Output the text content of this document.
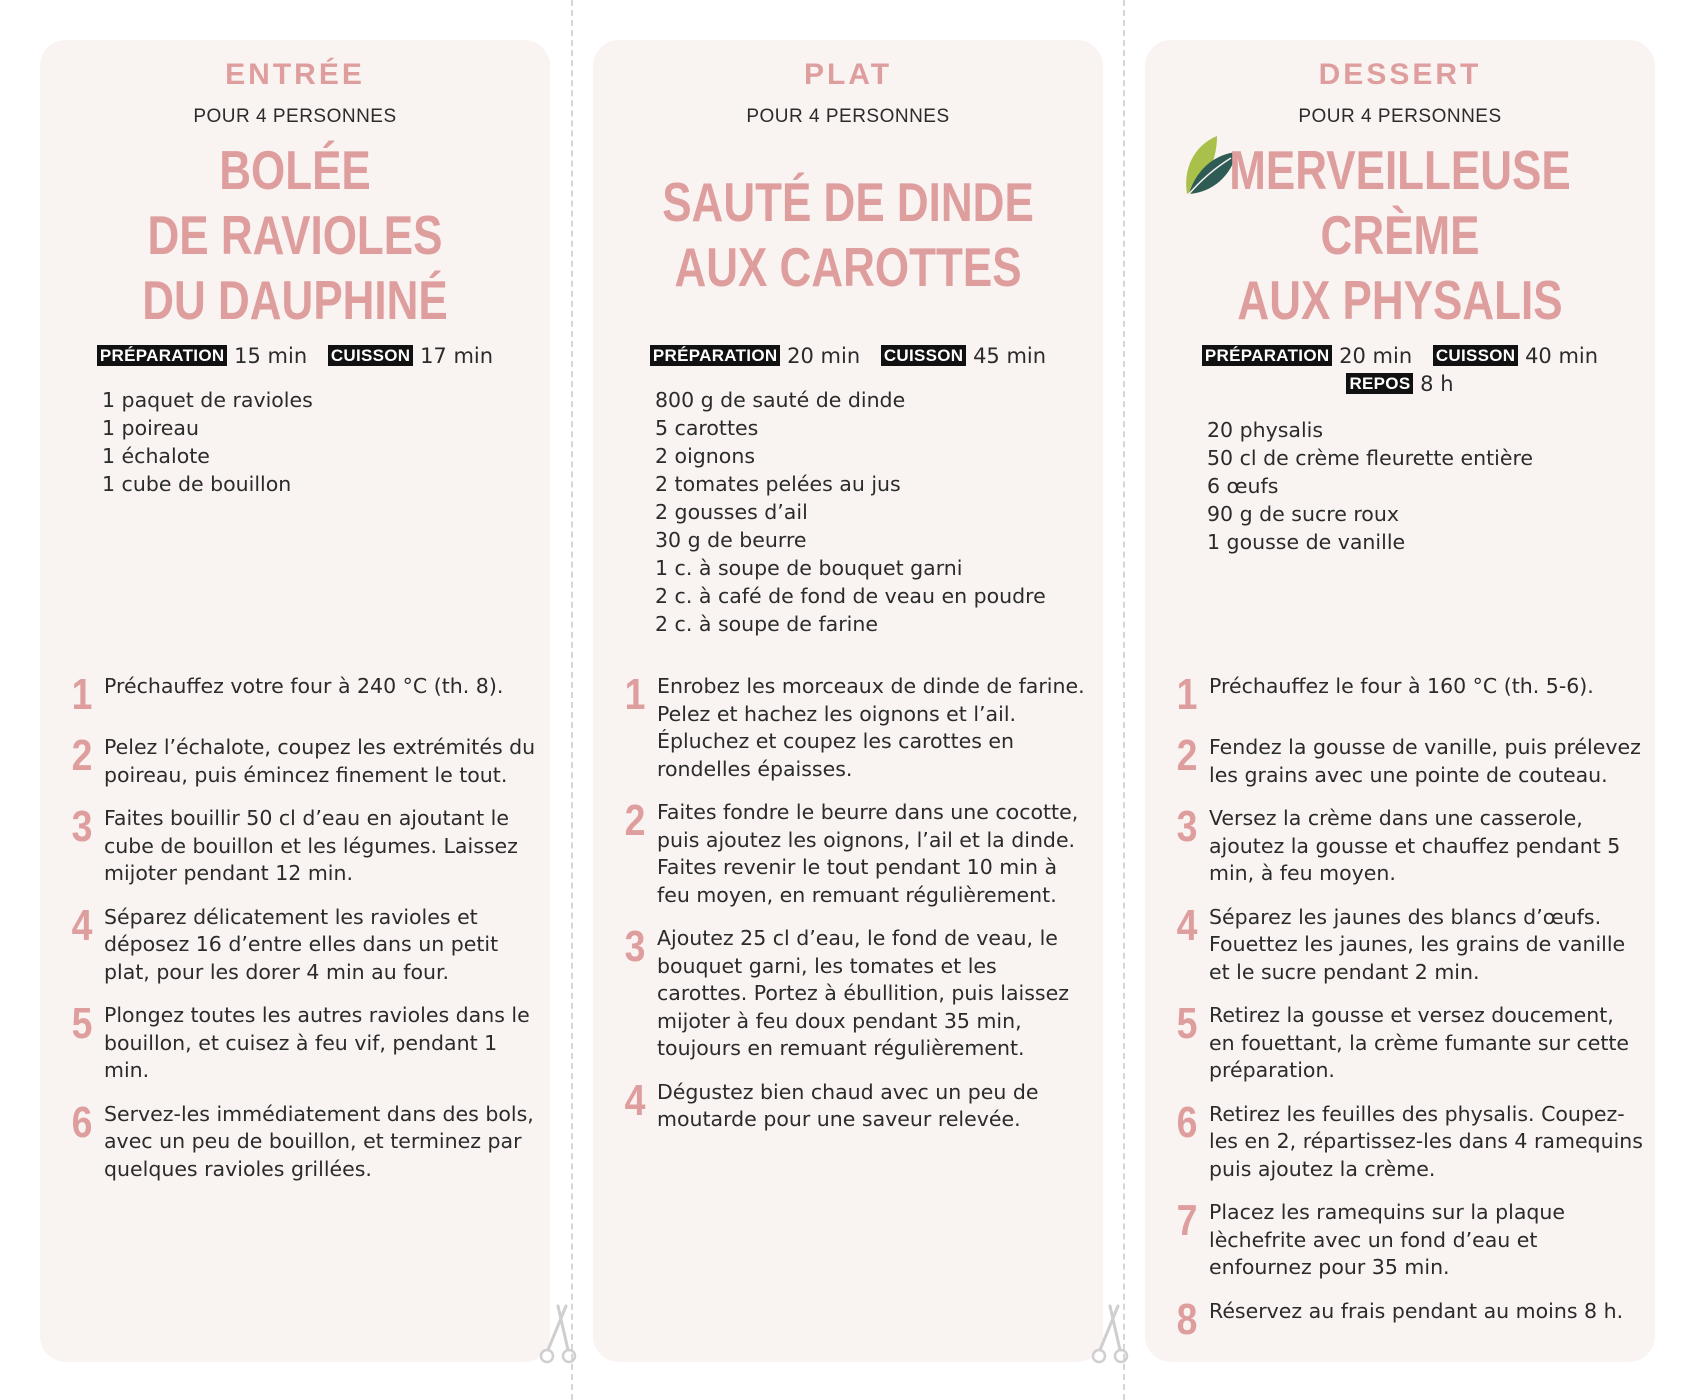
ENTRÉE
POUR 4 PERSONNES
BOLÉE
DE RAVIOLES
DU DAUPHINÉ
PRÉPARATION 15 min CUISSON 17 min
1 paquet de ravioles
1 poireau
1 échalote
1 cube de bouillon
1 Préchauffez votre four à 240 °C (th. 8).
2 Pelez l’échalote, coupez les extrémités du poireau, puis émincez finement le tout.
3 Faites bouillir 50 cl d’eau en ajoutant le cube de bouillon et les légumes. Laissez mijoter pendant 12 min.
4 Séparez délicatement les ravioles et déposez 16 d’entre elles dans un petit plat, pour les dorer 4 min au four.
5 Plongez toutes les autres ravioles dans le bouillon, et cuisez à feu vif, pendant 1 min.
6 Servez-les immédiatement dans des bols, avec un peu de bouillon, et terminez par quelques ravioles grillées.
PLAT
POUR 4 PERSONNES
SAUTÉ DE DINDE
AUX CAROTTES
PRÉPARATION 20 min CUISSON 45 min
800 g de sauté de dinde
5 carottes
2 oignons
2 tomates pelées au jus
2 gousses d’ail
30 g de beurre
1 c. à soupe de bouquet garni
2 c. à café de fond de veau en poudre
2 c. à soupe de farine
1 Enrobez les morceaux de dinde de farine. Pelez et hachez les oignons et l’ail. Épluchez et coupez les carottes en rondelles épaisses.
2 Faites fondre le beurre dans une cocotte, puis ajoutez les oignons, l’ail et la dinde. Faites revenir le tout pendant 10 min à feu moyen, en remuant régulièrement.
3 Ajoutez 25 cl d’eau, le fond de veau, le bouquet garni, les tomates et les carottes. Portez à ébullition, puis laissez mijoter à feu doux pendant 35 min, toujours en remuant régulièrement.
4 Dégustez bien chaud avec un peu de moutarde pour une saveur relevée.
DESSERT
POUR 4 PERSONNES
MERVEILLEUSE
CRÈME
AUX PHYSALIS
PRÉPARATION 20 min CUISSON 40 min
REPOS 8 h
20 physalis
50 cl de crème fleurette entière
6 œufs
90 g de sucre roux
1 gousse de vanille
1 Préchauffez le four à 160 °C (th. 5-6).
2 Fendez la gousse de vanille, puis prélevez les grains avec une pointe de couteau.
3 Versez la crème dans une casserole, ajoutez la gousse et chauffez pendant 5 min, à feu moyen.
4 Séparez les jaunes des blancs d’œufs. Fouettez les jaunes, les grains de vanille et le sucre pendant 2 min.
5 Retirez la gousse et versez doucement, en fouettant, la crème fumante sur cette préparation.
6 Retirez les feuilles des physalis. Coupez-les en 2, répartissez-les dans 4 ramequins puis ajoutez la crème.
7 Placez les ramequins sur la plaque lèchefrite avec un fond d’eau et enfournez pour 35 min.
8 Réservez au frais pendant au moins 8 h.
